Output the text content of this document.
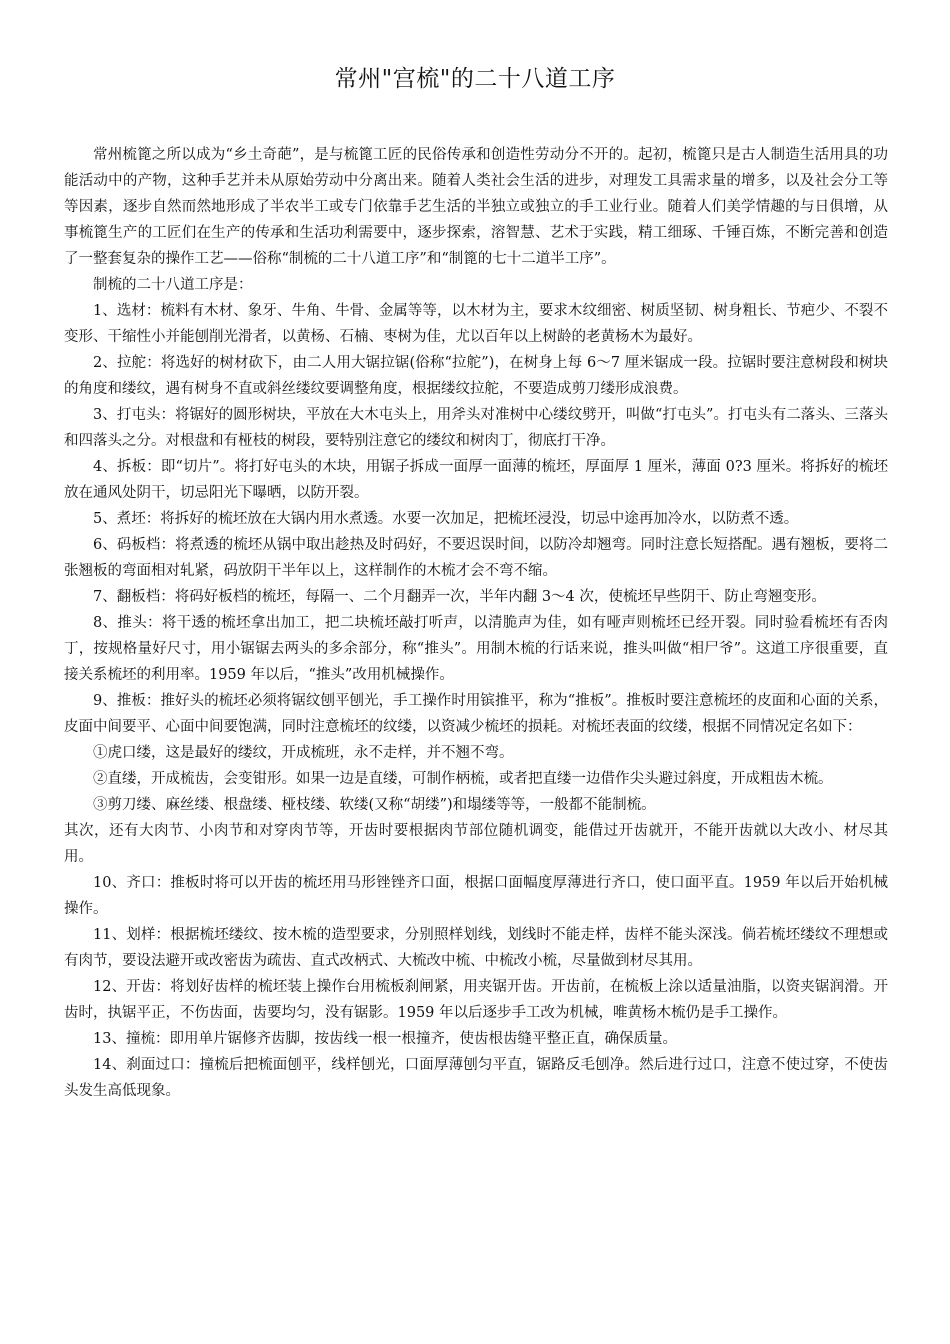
常州"宫梳"的二十八道工序

常州梳篦之所以成为“乡土奇葩”，是与梳篦工匠的民俗传承和创造性劳动分不开的。起初，梳篦只是古人制造生活用具的功能活动中的产物，这种手艺并未从原始劳动中分离出来。随着人类社会生活的进步，对理发工具需求量的增多，以及社会分工等等因素，逐步自然而然地形成了半农半工或专门依靠手艺生活的半独立或独立的手工业行业。随着人们美学情趣的与日俱增，从事梳篦生产的工匠们在生产的传承和生活功利需要中，逐步探索，溶智慧、艺术于实践，精工细琢、千锤百炼，不断完善和创造了一整套复杂的操作工艺——俗称“制梳的二十八道工序”和“制篦的七十二道半工序”。

制梳的二十八道工序是：

1、选材：梳料有木材、象牙、牛角、牛骨、金属等等，以木材为主，要求木纹细密、树质坚韧、树身粗长、节疤少、不裂不变形、干缩性小并能刨削光滑者，以黄杨、石楠、枣树为佳，尤以百年以上树龄的老黄杨木为最好。

2、拉舵：将选好的树材砍下，由二人用大锯拉锯(俗称“拉舵”)，在树身上每 6～7 厘米锯成一段。拉锯时要注意树段和树块的角度和缕纹，遇有树身不直或斜丝缕纹要调整角度，根据缕纹拉舵，不要造成剪刀缕形成浪费。

3、打屯头：将锯好的圆形树块，平放在大木屯头上，用斧头对准树中心缕纹劈开，叫做“打屯头”。打屯头有二落头、三落头和四落头之分。对根盘和有桠枝的树段，要特别注意它的缕纹和树肉丁，彻底打干净。

4、拆板：即“切片”。将打好屯头的木块，用锯子拆成一面厚一面薄的梳坯，厚面厚 1 厘米，薄面 0?3 厘米。将拆好的梳坯放在通风处阴干，切忌阳光下曝晒，以防开裂。

5、煮坯：将拆好的梳坯放在大锅内用水煮透。水要一次加足，把梳坯浸没，切忌中途再加冷水，以防煮不透。

6、码板档：将煮透的梳坯从锅中取出趁热及时码好，不要迟误时间，以防冷却翘弯。同时注意长短搭配。遇有翘板，要将二张翘板的弯面相对轧紧，码放阴干半年以上，这样制作的木梳才会不弯不缩。

7、翻板档：将码好板档的梳坯，每隔一、二个月翻弄一次，半年内翻 3～4 次，使梳坯早些阴干、防止弯翘变形。

8、推头：将干透的梳坯拿出加工，把二块梳坯敲打听声，以清脆声为佳，如有哑声则梳坯已经开裂。同时验看梳坯有否肉丁，按规格量好尺寸，用小锯锯去两头的多余部分，称“推头”。用制木梳的行话来说，推头叫做“相尸爷”。这道工序很重要，直接关系梳坯的利用率。1959 年以后，“推头”改用机械操作。

9、推板：推好头的梳坯必须将锯纹刨平刨光，手工操作时用镔推平，称为“推板”。推板时要注意梳坯的皮面和心面的关系，皮面中间要平、心面中间要饱满，同时注意梳坯的纹缕，以资减少梳坯的损耗。对梳坯表面的纹缕，根据不同情况定名如下：

①虎口缕，这是最好的缕纹，开成梳班，永不走样，并不翘不弯。

②直缕，开成梳齿，会变钳形。如果一边是直缕，可制作柄梳，或者把直缕一边借作尖头避过斜度，开成粗齿木梳。

③剪刀缕、麻丝缕、根盘缕、桠枝缕、软缕(又称“胡缕”)和塌缕等等，一般都不能制梳。

其次，还有大肉节、小肉节和对穿肉节等，开齿时要根据肉节部位随机调变，能借过开齿就开，不能开齿就以大改小、材尽其用。

10、齐口：推板时将可以开齿的梳坯用马形锉锉齐口面，根据口面幅度厚薄进行齐口，使口面平直。1959 年以后开始机械操作。

11、划样：根据梳坯缕纹、按木梳的造型要求，分别照样划线，划线时不能走样，齿样不能头深浅。倘若梳坯缕纹不理想或有肉节，要设法避开或改密齿为疏齿、直式改柄式、大梳改中梳、中梳改小梳，尽量做到材尽其用。

12、开齿：将划好齿样的梳坯装上操作台用梳板刹闸紧，用夹锯开齿。开齿前，在梳板上涂以适量油脂，以资夹锯润滑。开齿时，执锯平正，不伤齿面，齿要均匀，没有锯影。1959 年以后逐步手工改为机械，唯黄杨木梳仍是手工操作。

13、撞梳：即用单片锯修齐齿脚，按齿线一根一根撞齐，使齿根齿缝平整正直，确保质量。

14、刹面过口：撞梳后把梳面刨平，线样刨光，口面厚薄刨匀平直，锯路反毛刨净。然后进行过口，注意不使过穿，不使齿头发生高低现象。
